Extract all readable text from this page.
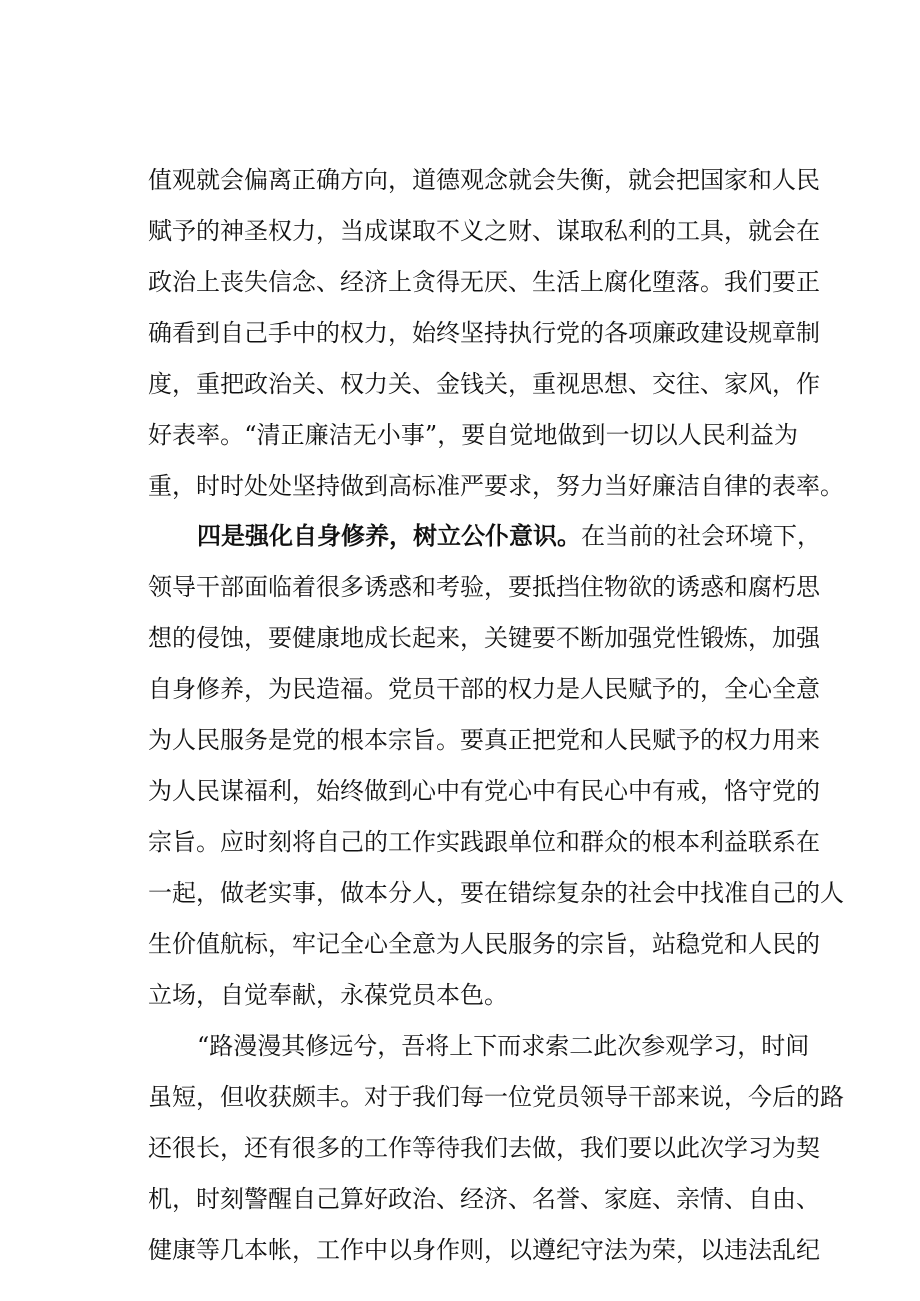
值观就会偏离正确方向，道德观念就会失衡，就会把国家和人民
赋予的神圣权力，当成谋取不义之财、谋取私利的工具，就会在
政治上丧失信念、经济上贪得无厌、生活上腐化堕落。我们要正
确看到自己手中的权力，始终坚持执行党的各项廉政建设规章制
度，重把政治关、权力关、金钱关，重视思想、交往、家风，作
好表率。“清正廉洁无小事”，要自觉地做到一切以人民利益为
重，时时处处坚持做到高标准严要求，努力当好廉洁自律的表率。
四是强化自身修养，树立公仆意识。在当前的社会环境下，
领导干部面临着很多诱惑和考验，要抵挡住物欲的诱惑和腐朽思
想的侵蚀，要健康地成长起来，关键要不断加强党性锻炼，加强
自身修养，为民造福。党员干部的权力是人民赋予的，全心全意
为人民服务是党的根本宗旨。要真正把党和人民赋予的权力用来
为人民谋福利，始终做到心中有党心中有民心中有戒，恪守党的
宗旨。应时刻将自己的工作实践跟单位和群众的根本利益联系在
一起，做老实事，做本分人，要在错综复杂的社会中找准自己的人
生价值航标，牢记全心全意为人民服务的宗旨，站稳党和人民的
立场，自觉奉献，永葆党员本色。
“路漫漫其修远兮，吾将上下而求索二此次参观学习，时间
虽短，但收获颇丰。对于我们每一位党员领导干部来说，今后的路
还很长，还有很多的工作等待我们去做，我们要以此次学习为契
机，时刻警醒自己算好政治、经济、名誉、家庭、亲情、自由、
健康等几本帐，工作中以身作则，以遵纪守法为荣，以违法乱纪
